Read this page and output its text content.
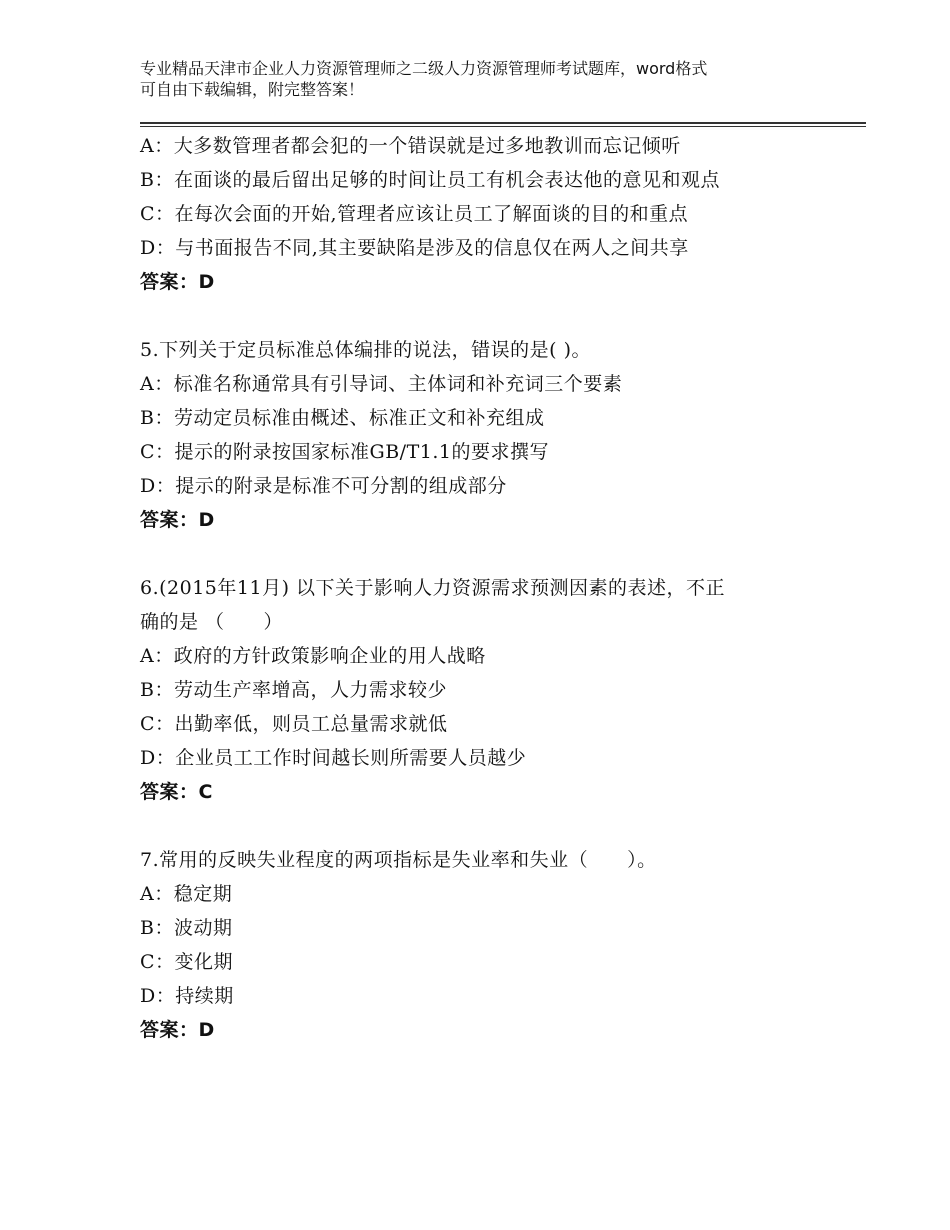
专业精品天津市企业人力资源管理师之二级人力资源管理师考试题库，word格式
可自由下载编辑，附完整答案！
A：大多数管理者都会犯的一个错误就是过多地教训而忘记倾听
B：在面谈的最后留出足够的时间让员工有机会表达他的意见和观点
C：在每次会面的开始,管理者应该让员工了解面谈的目的和重点
D：与书面报告不同,其主要缺陷是涉及的信息仅在两人之间共享
答案：D
5.下列关于定员标准总体编排的说法，错误的是( )。
A：标准名称通常具有引导词、主体词和补充词三个要素
B：劳动定员标准由概述、标准正文和补充组成
C：提示的附录按国家标准GB/T1.1的要求撰写
D：提示的附录是标准不可分割的组成部分
答案：D
6.(2015年11月) 以下关于影响人力资源需求预测因素的表述，不正
确的是 （　　）
A：政府的方针政策影响企业的用人战略
B：劳动生产率增高，人力需求较少
C：出勤率低，则员工总量需求就低
D：企业员工工作时间越长则所需要人员越少
答案：C
7.常用的反映失业程度的两项指标是失业率和失业（　　）。
A：稳定期
B：波动期
C：变化期
D：持续期
答案：D
